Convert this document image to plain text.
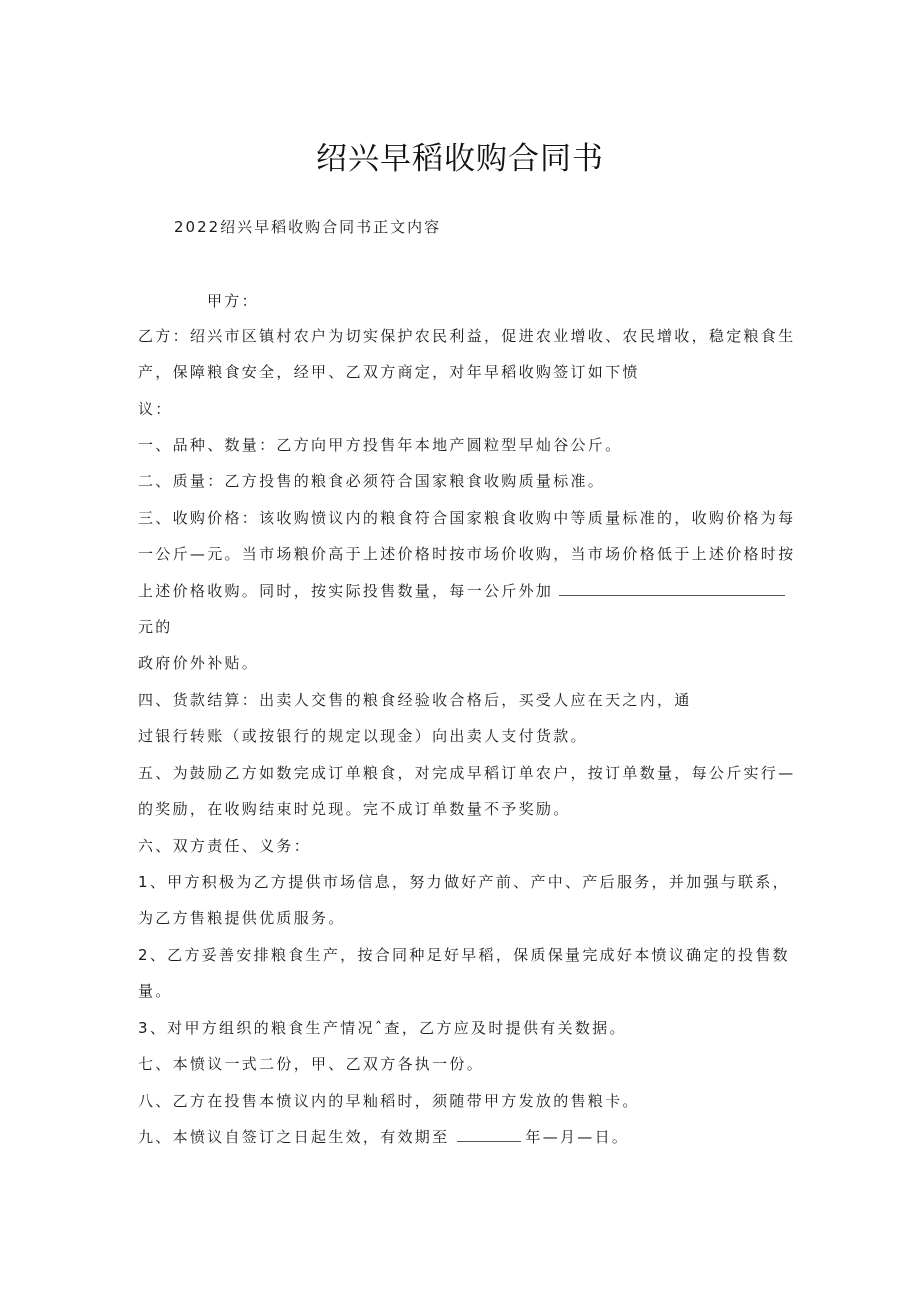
绍兴早稻收购合同书
2022绍兴早稻收购合同书正文内容
甲方：
乙方：绍兴市区镇村农户为切实保护农民利益，促进农业增收、农民增收，稳定粮食生
产，保障粮食安全，经甲、乙双方商定，对年早稻收购签订如下愤
议：
一、品种、数量：乙方向甲方投售年本地产圆粒型早灿谷公斤。
二、质量：乙方投售的粮食必须符合国家粮食收购质量标准。
三、收购价格：该收购愤议内的粮食符合国家粮食收购中等质量标准的，收购价格为每
一公斤—元。当市场粮价高于上述价格时按市场价收购，当市场价格低于上述价格时按
上述价格收购。同时，按实际投售数量，每一公斤外加
元的
政府价外补贴。
四、货款结算：出卖人交售的粮食经验收合格后，买受人应在天之内，通
过银行转账（或按银行的规定以现金）向出卖人支付货款。
五、为鼓励乙方如数完成订单粮食，对完成早稻订单农户，按订单数量，每公斤实行—
的奖励，在收购结束时兑现。完不成订单数量不予奖励。
六、双方责任、义务：
1、甲方积极为乙方提供市场信息，努力做好产前、产中、产后服务，并加强与联系，
为乙方售粮提供优质服务。
2、乙方妥善安排粮食生产，按合同种足好早稻，保质保量完成好本愤议确定的投售数
量。
3、对甲方组织的粮食生产情况ˆ查，乙方应及时提供有关数据。
七、本愤议一式二份，甲、乙双方各执一份。
八、乙方在投售本愤议内的早籼稻时，须随带甲方发放的售粮卡。
九、本愤议自签订之日起生效，有效期至	年—月—日。
